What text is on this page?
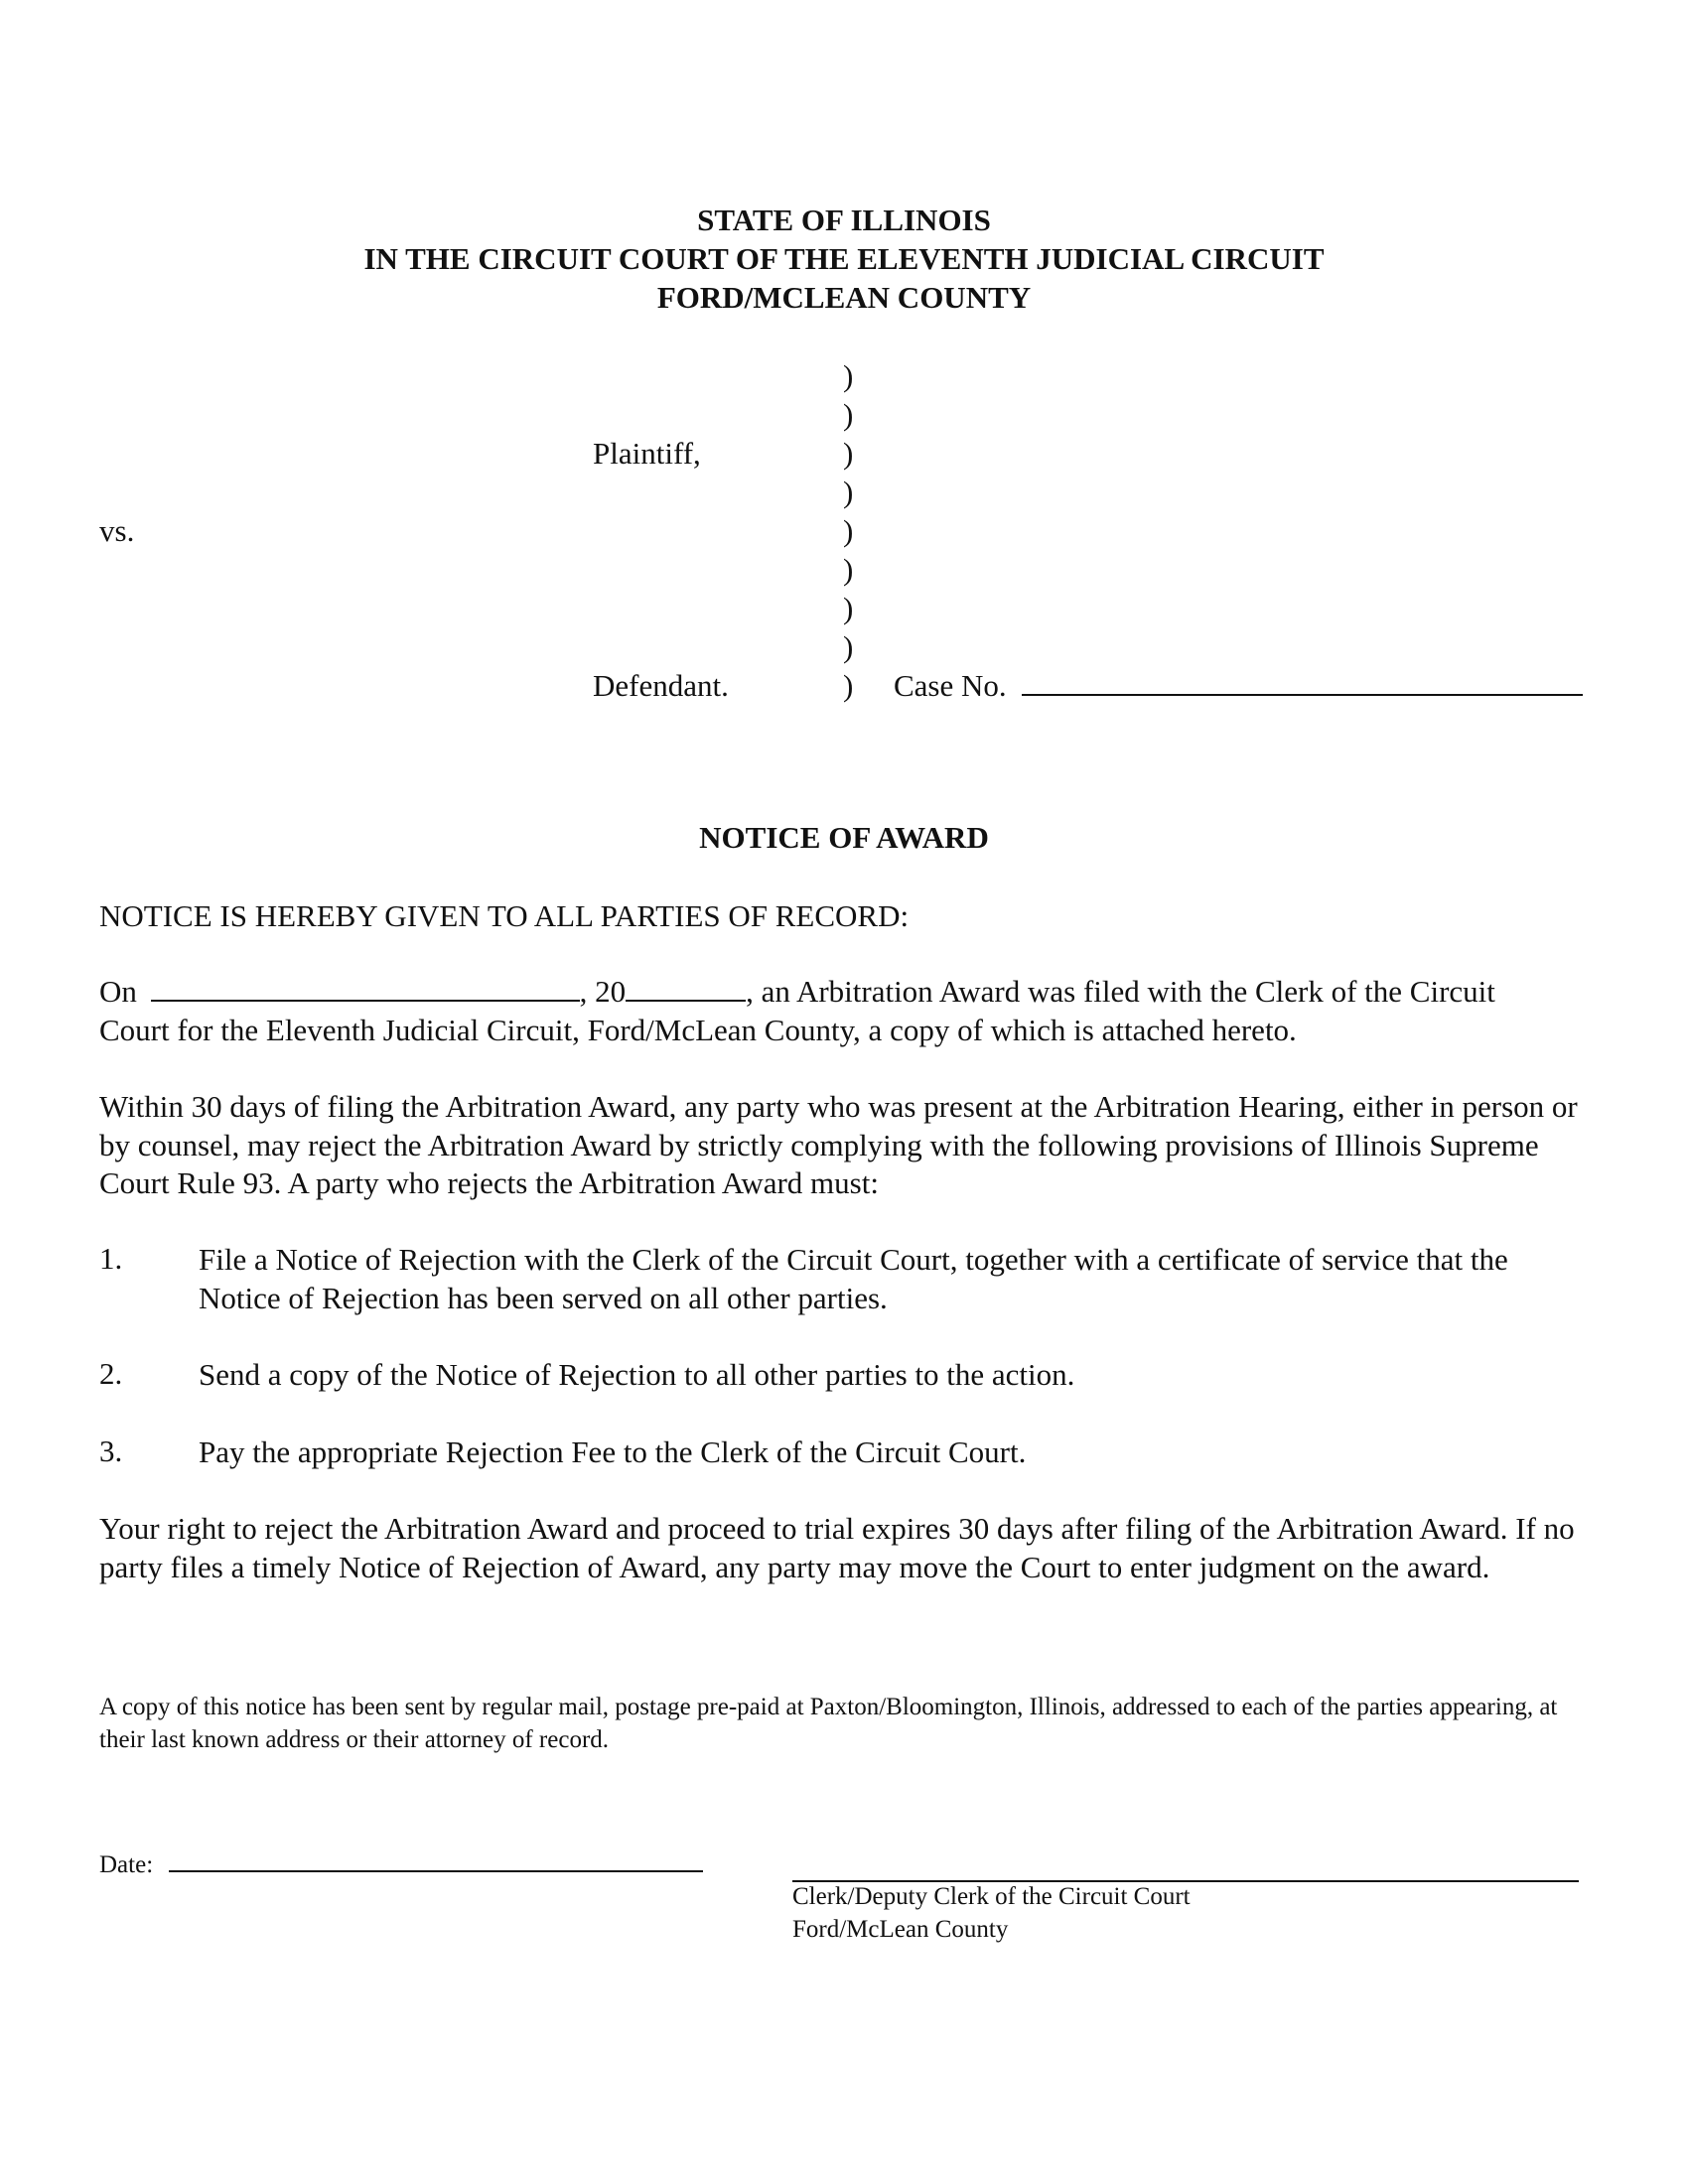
STATE OF ILLINOIS
IN THE CIRCUIT COURT OF THE ELEVENTH JUDICIAL CIRCUIT
FORD/MCLEAN COUNTY
)
)
)
)
)
)
)
)
)
Plaintiff,
vs.
Defendant.	Case No.
NOTICE OF AWARD
NOTICE IS HEREBY GIVEN TO ALL PARTIES OF RECORD:
On	, 20	, an Arbitration Award was filed with the Clerk of the Circuit
Court for the Eleventh Judicial Circuit, Ford/McLean County, a copy of which is attached hereto.
Within 30 days of filing the Arbitration Award, any party who was present at the Arbitration Hearing, either in person or by counsel, may reject the Arbitration Award by strictly complying with the following provisions of Illinois Supreme Court Rule 93. A party who rejects the Arbitration Award must:
1. File a Notice of Rejection with the Clerk of the Circuit Court, together with a certificate of service that the Notice of Rejection has been served on all other parties.
2. Send a copy of the Notice of Rejection to all other parties to the action.
3. Pay the appropriate Rejection Fee to the Clerk of the Circuit Court.
Your right to reject the Arbitration Award and proceed to trial expires 30 days after filing of the Arbitration Award. If no party files a timely Notice of Rejection of Award, any party may move the Court to enter judgment on the award.
A copy of this notice has been sent by regular mail, postage pre-paid at Paxton/Bloomington, Illinois, addressed to each of the parties appearing, at their last known address or their attorney of record.
Date:
Clerk/Deputy Clerk of the Circuit Court
Ford/McLean County
